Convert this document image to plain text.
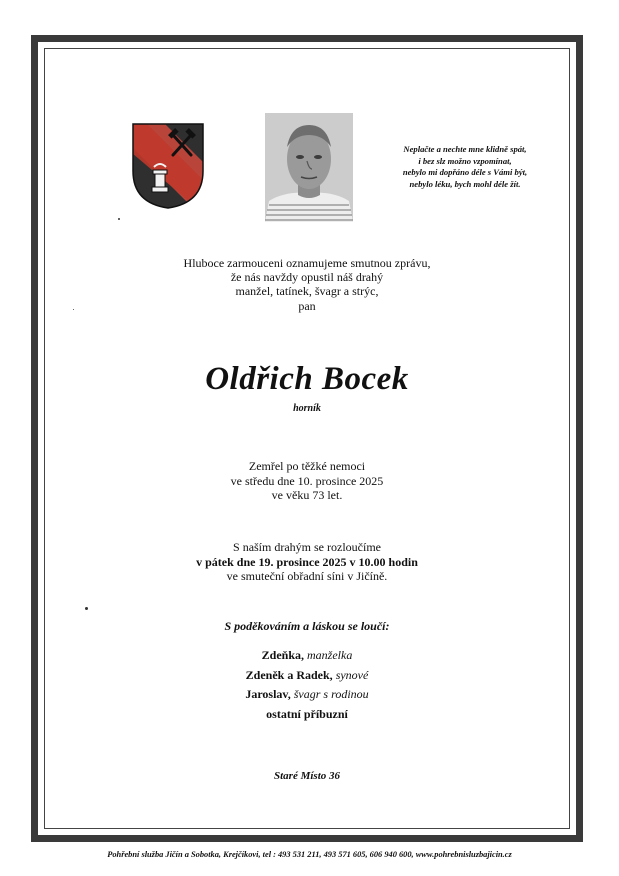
Neplačte a nechte mne klidně spát,
i bez slz možno vzpomínat,
nebylo mi dopřáno déle s Vámi být,
nebylo léku, bych mohl déle žít.
Hluboce zarmouceni oznamujeme smutnou zprávu,
že nás navždy opustil náš drahý
manžel, tatínek, švagr a strýc,
pan
Oldřich Bocek
horník
Zemřel po těžké nemoci
ve středu dne 10. prosince 2025
ve věku 73 let.
S naším drahým se rozloučíme
v pátek dne 19. prosince 2025 v 10.00 hodin
ve smuteční obřadní síni v Jičíně.
S poděkováním a láskou se loučí:
Zdeňka, manželka
Zdeněk a Radek, synové
Jaroslav, švagr s rodinou
ostatní příbuzní
Staré Místo 36
Pohřební služba Jičín a Sobotka, Krejčíkovi, tel : 493 531 211, 493 571 605, 606 940 600, www.pohrebnisluzbajicin.cz
